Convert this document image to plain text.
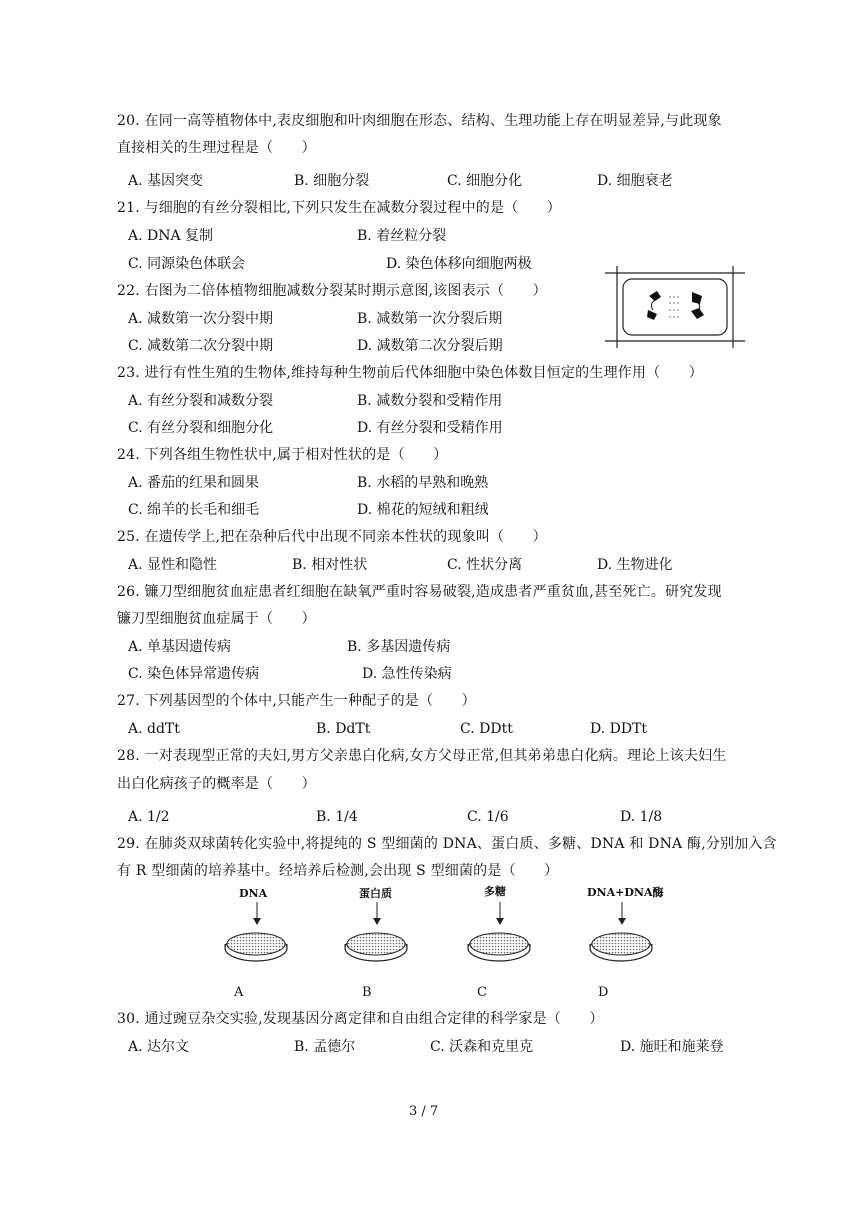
20. 在同一高等植物体中,表皮细胞和叶肉细胞在形态、结构、生理功能上存在明显差异,与此现象
直接相关的生理过程是（　　）
A. 基因突变	B. 细胞分裂	C. 细胞分化	D. 细胞衰老
21. 与细胞的有丝分裂相比,下列只发生在减数分裂过程中的是（　　）
A. DNA 复制	B. 着丝粒分裂
C. 同源染色体联会	D. 染色体移向细胞两极
22. 右图为二倍体植物细胞减数分裂某时期示意图,该图表示（　　）
A. 减数第一次分裂中期	B. 减数第一次分裂后期
C. 减数第二次分裂中期	D. 减数第二次分裂后期
23. 进行有性生殖的生物体,维持每种生物前后代体细胞中染色体数目恒定的生理作用（　　）
A. 有丝分裂和减数分裂	B. 减数分裂和受精作用
C. 有丝分裂和细胞分化	D. 有丝分裂和受精作用
24. 下列各组生物性状中,属于相对性状的是（　　）
A. 番茄的红果和圆果	B. 水稻的早熟和晚熟
C. 绵羊的长毛和细毛	D. 棉花的短绒和粗绒
25. 在遗传学上,把在杂种后代中出现不同亲本性状的现象叫（　　）
A. 显性和隐性	B. 相对性状	C. 性状分离	D. 生物进化
26. 镰刀型细胞贫血症患者红细胞在缺氧严重时容易破裂,造成患者严重贫血,甚至死亡。研究发现
镰刀型细胞贫血症属于（　　）
A. 单基因遗传病	B. 多基因遗传病
C. 染色体异常遗传病	D. 急性传染病
27. 下列基因型的个体中,只能产生一种配子的是（　　）
A. ddTt	B. DdTt	C. DDtt	D. DDTt
28. 一对表现型正常的夫妇,男方父亲患白化病,女方父母正常,但其弟弟患白化病。理论上该夫妇生
出白化病孩子的概率是（　　）
A. 1/2	B. 1/4	C. 1/6	D. 1/8
29. 在肺炎双球菌转化实验中,将提纯的 S 型细菌的 DNA、蛋白质、多糖、DNA 和 DNA 酶,分别加入含
有 R 型细菌的培养基中。经培养后检测,会出现 S 型细菌的是（　　）
DNA	蛋白质	多糖	DNA+DNA酶
A	B	C	D
30. 通过豌豆杂交实验,发现基因分离定律和自由组合定律的科学家是（　　）
A. 达尔文	B. 孟德尔	C. 沃森和克里克	D. 施旺和施莱登
3 / 7
